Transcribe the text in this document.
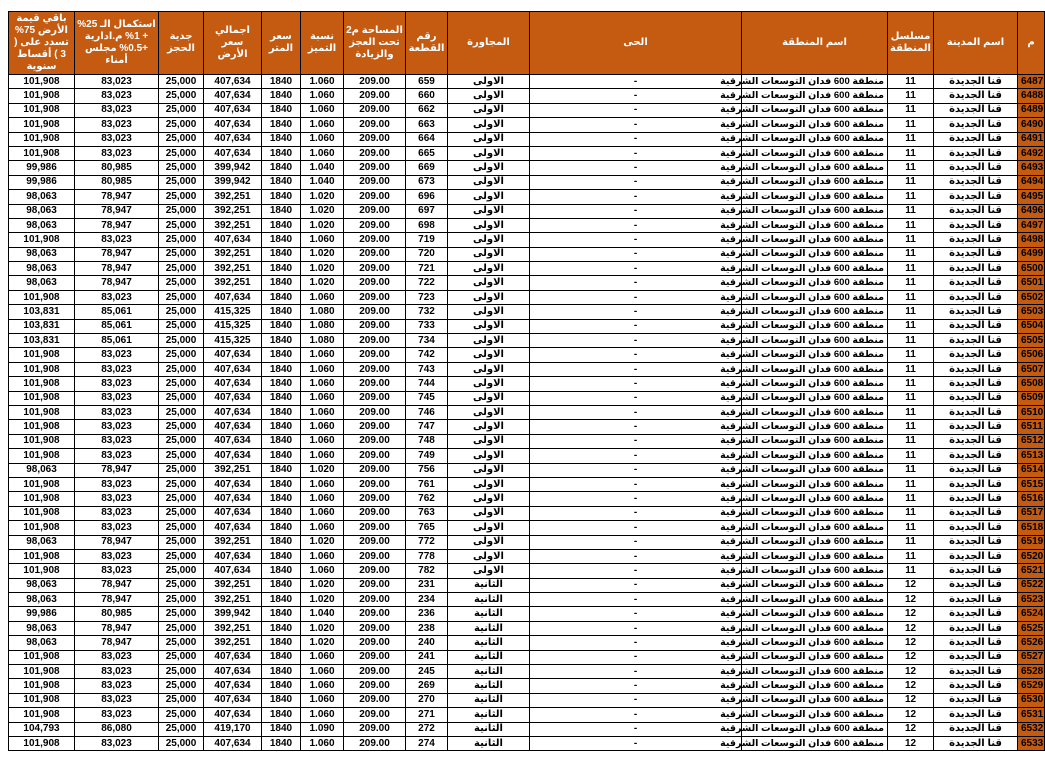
باقي قيمة الأرض 75% تسدد على ( 3 ) أقساط سنوية	استكمال الـ 25% + 1% م.ادارية +0.5% مجلس أمناء	جدية الحجز	اجمالي سعر الأرض	سعر المتر	نسبة التميز	المساحة م2 تحت العجز والزيادة	رقم القطعة	المجاورة	الحى	اسم المنطقة	مسلسل المنطقة	اسم المدينة	م
101,908	83,023	25,000	407,634	1840	1.060	209.00	659	الاولى	-	منطقة 600 فدان التوسعات الشرقية	11	قنا الجديدة	6487
101,908	83,023	25,000	407,634	1840	1.060	209.00	660	الاولى	-	منطقة 600 فدان التوسعات الشرقية	11	قنا الجديدة	6488
101,908	83,023	25,000	407,634	1840	1.060	209.00	662	الاولى	-	منطقة 600 فدان التوسعات الشرقية	11	قنا الجديدة	6489
101,908	83,023	25,000	407,634	1840	1.060	209.00	663	الاولى	-	منطقة 600 فدان التوسعات الشرقية	11	قنا الجديدة	6490
101,908	83,023	25,000	407,634	1840	1.060	209.00	664	الاولى	-	منطقة 600 فدان التوسعات الشرقية	11	قنا الجديدة	6491
101,908	83,023	25,000	407,634	1840	1.060	209.00	665	الاولى	-	منطقة 600 فدان التوسعات الشرقية	11	قنا الجديدة	6492
99,986	80,985	25,000	399,942	1840	1.040	209.00	669	الاولى	-	منطقة 600 فدان التوسعات الشرقية	11	قنا الجديدة	6493
99,986	80,985	25,000	399,942	1840	1.040	209.00	673	الاولى	-	منطقة 600 فدان التوسعات الشرقية	11	قنا الجديدة	6494
98,063	78,947	25,000	392,251	1840	1.020	209.00	696	الاولى	-	منطقة 600 فدان التوسعات الشرقية	11	قنا الجديدة	6495
98,063	78,947	25,000	392,251	1840	1.020	209.00	697	الاولى	-	منطقة 600 فدان التوسعات الشرقية	11	قنا الجديدة	6496
98,063	78,947	25,000	392,251	1840	1.020	209.00	698	الاولى	-	منطقة 600 فدان التوسعات الشرقية	11	قنا الجديدة	6497
101,908	83,023	25,000	407,634	1840	1.060	209.00	719	الاولى	-	منطقة 600 فدان التوسعات الشرقية	11	قنا الجديدة	6498
98,063	78,947	25,000	392,251	1840	1.020	209.00	720	الاولى	-	منطقة 600 فدان التوسعات الشرقية	11	قنا الجديدة	6499
98,063	78,947	25,000	392,251	1840	1.020	209.00	721	الاولى	-	منطقة 600 فدان التوسعات الشرقية	11	قنا الجديدة	6500
98,063	78,947	25,000	392,251	1840	1.020	209.00	722	الاولى	-	منطقة 600 فدان التوسعات الشرقية	11	قنا الجديدة	6501
101,908	83,023	25,000	407,634	1840	1.060	209.00	723	الاولى	-	منطقة 600 فدان التوسعات الشرقية	11	قنا الجديدة	6502
103,831	85,061	25,000	415,325	1840	1.080	209.00	732	الاولى	-	منطقة 600 فدان التوسعات الشرقية	11	قنا الجديدة	6503
103,831	85,061	25,000	415,325	1840	1.080	209.00	733	الاولى	-	منطقة 600 فدان التوسعات الشرقية	11	قنا الجديدة	6504
103,831	85,061	25,000	415,325	1840	1.080	209.00	734	الاولى	-	منطقة 600 فدان التوسعات الشرقية	11	قنا الجديدة	6505
101,908	83,023	25,000	407,634	1840	1.060	209.00	742	الاولى	-	منطقة 600 فدان التوسعات الشرقية	11	قنا الجديدة	6506
101,908	83,023	25,000	407,634	1840	1.060	209.00	743	الاولى	-	منطقة 600 فدان التوسعات الشرقية	11	قنا الجديدة	6507
101,908	83,023	25,000	407,634	1840	1.060	209.00	744	الاولى	-	منطقة 600 فدان التوسعات الشرقية	11	قنا الجديدة	6508
101,908	83,023	25,000	407,634	1840	1.060	209.00	745	الاولى	-	منطقة 600 فدان التوسعات الشرقية	11	قنا الجديدة	6509
101,908	83,023	25,000	407,634	1840	1.060	209.00	746	الاولى	-	منطقة 600 فدان التوسعات الشرقية	11	قنا الجديدة	6510
101,908	83,023	25,000	407,634	1840	1.060	209.00	747	الاولى	-	منطقة 600 فدان التوسعات الشرقية	11	قنا الجديدة	6511
101,908	83,023	25,000	407,634	1840	1.060	209.00	748	الاولى	-	منطقة 600 فدان التوسعات الشرقية	11	قنا الجديدة	6512
101,908	83,023	25,000	407,634	1840	1.060	209.00	749	الاولى	-	منطقة 600 فدان التوسعات الشرقية	11	قنا الجديدة	6513
98,063	78,947	25,000	392,251	1840	1.020	209.00	756	الاولى	-	منطقة 600 فدان التوسعات الشرقية	11	قنا الجديدة	6514
101,908	83,023	25,000	407,634	1840	1.060	209.00	761	الاولى	-	منطقة 600 فدان التوسعات الشرقية	11	قنا الجديدة	6515
101,908	83,023	25,000	407,634	1840	1.060	209.00	762	الاولى	-	منطقة 600 فدان التوسعات الشرقية	11	قنا الجديدة	6516
101,908	83,023	25,000	407,634	1840	1.060	209.00	763	الاولى	-	منطقة 600 فدان التوسعات الشرقية	11	قنا الجديدة	6517
101,908	83,023	25,000	407,634	1840	1.060	209.00	765	الاولى	-	منطقة 600 فدان التوسعات الشرقية	11	قنا الجديدة	6518
98,063	78,947	25,000	392,251	1840	1.020	209.00	772	الاولى	-	منطقة 600 فدان التوسعات الشرقية	11	قنا الجديدة	6519
101,908	83,023	25,000	407,634	1840	1.060	209.00	778	الاولى	-	منطقة 600 فدان التوسعات الشرقية	11	قنا الجديدة	6520
101,908	83,023	25,000	407,634	1840	1.060	209.00	782	الاولى	-	منطقة 600 فدان التوسعات الشرقية	11	قنا الجديدة	6521
98,063	78,947	25,000	392,251	1840	1.020	209.00	231	الثانية	-	منطقة 600 فدان التوسعات الشرقية	12	قنا الجديدة	6522
98,063	78,947	25,000	392,251	1840	1.020	209.00	234	الثانية	-	منطقة 600 فدان التوسعات الشرقية	12	قنا الجديدة	6523
99,986	80,985	25,000	399,942	1840	1.040	209.00	236	الثانية	-	منطقة 600 فدان التوسعات الشرقية	12	قنا الجديدة	6524
98,063	78,947	25,000	392,251	1840	1.020	209.00	238	الثانية	-	منطقة 600 فدان التوسعات الشرقية	12	قنا الجديدة	6525
98,063	78,947	25,000	392,251	1840	1.020	209.00	240	الثانية	-	منطقة 600 فدان التوسعات الشرقية	12	قنا الجديدة	6526
101,908	83,023	25,000	407,634	1840	1.060	209.00	241	الثانية	-	منطقة 600 فدان التوسعات الشرقية	12	قنا الجديدة	6527
101,908	83,023	25,000	407,634	1840	1.060	209.00	245	الثانية	-	منطقة 600 فدان التوسعات الشرقية	12	قنا الجديدة	6528
101,908	83,023	25,000	407,634	1840	1.060	209.00	269	الثانية	-	منطقة 600 فدان التوسعات الشرقية	12	قنا الجديدة	6529
101,908	83,023	25,000	407,634	1840	1.060	209.00	270	الثانية	-	منطقة 600 فدان التوسعات الشرقية	12	قنا الجديدة	6530
101,908	83,023	25,000	407,634	1840	1.060	209.00	271	الثانية	-	منطقة 600 فدان التوسعات الشرقية	12	قنا الجديدة	6531
104,793	86,080	25,000	419,170	1840	1.090	209.00	272	الثانية	-	منطقة 600 فدان التوسعات الشرقية	12	قنا الجديدة	6532
101,908	83,023	25,000	407,634	1840	1.060	209.00	274	الثانية	-	منطقة 600 فدان التوسعات الشرقية	12	قنا الجديدة	6533
